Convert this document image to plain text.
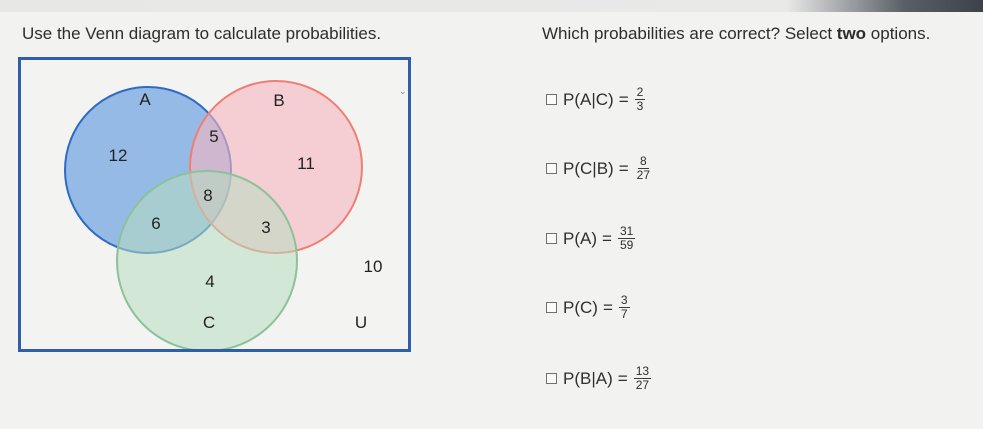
Use the Venn diagram to calculate probabilities.	Which probabilities are correct? Select two options.
⌄
A	B
C	U
12
5
11
8
6	3
4
10
$P(A|C) = \frac{2}{3}$
$P(C|B) = \frac{8}{27}$
$P(A) = \frac{31}{59}$
$P(C) = \frac{3}{7}$
$P(B|A) = \frac{13}{27}$
